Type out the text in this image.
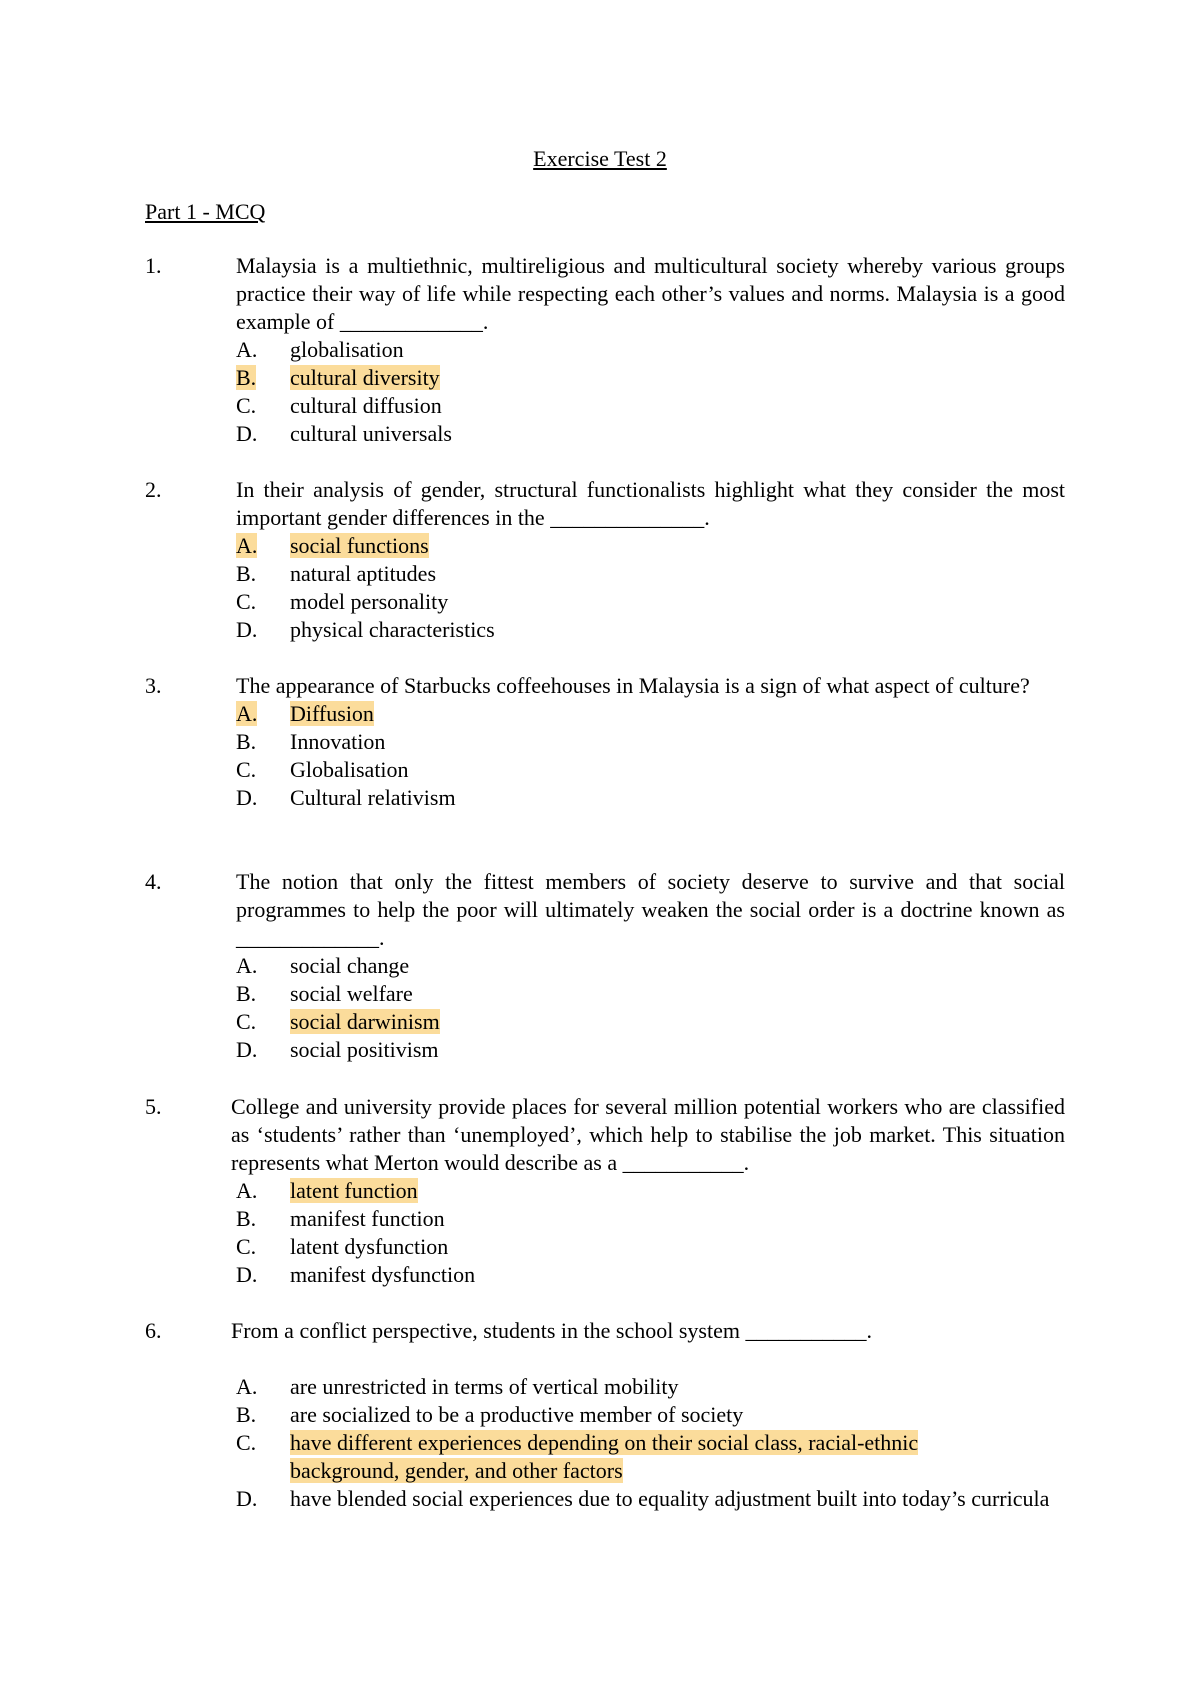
Exercise Test 2
Part 1 - MCQ
1.	Malaysia is a multiethnic, multireligious and multicultural society whereby various groups practice their way of life while respecting each other’s values and norms. Malaysia is a good example of _____________.
A.	globalisation
B.	cultural diversity
C.	cultural diffusion
D.	cultural universals
2.	In their analysis of gender, structural functionalists highlight what they consider the most important gender differences in the ______________.
A.	social functions
B.	natural aptitudes
C.	model personality
D.	physical characteristics
3.	The appearance of Starbucks coffeehouses in Malaysia is a sign of what aspect of culture?
A.	Diffusion
B.	Innovation
C.	Globalisation
D.	Cultural relativism
4.	The notion that only the fittest members of society deserve to survive and that social programmes to help the poor will ultimately weaken the social order is a doctrine known as _____________.
A.	social change
B.	social welfare
C.	social darwinism
D.	social positivism
5.	College and university provide places for several million potential workers who are classified as ‘students’ rather than ‘unemployed’, which help to stabilise the job market. This situation represents what Merton would describe as a ___________.
A.	latent function
B.	manifest function
C.	latent dysfunction
D.	manifest dysfunction
6.	From a conflict perspective, students in the school system ___________.
A.	are unrestricted in terms of vertical mobility
B.	are socialized to be a productive member of society
C.	have different experiences depending on their social class, racial-ethnic background, gender, and other factors
D.	have blended social experiences due to equality adjustment built into today’s curricula
